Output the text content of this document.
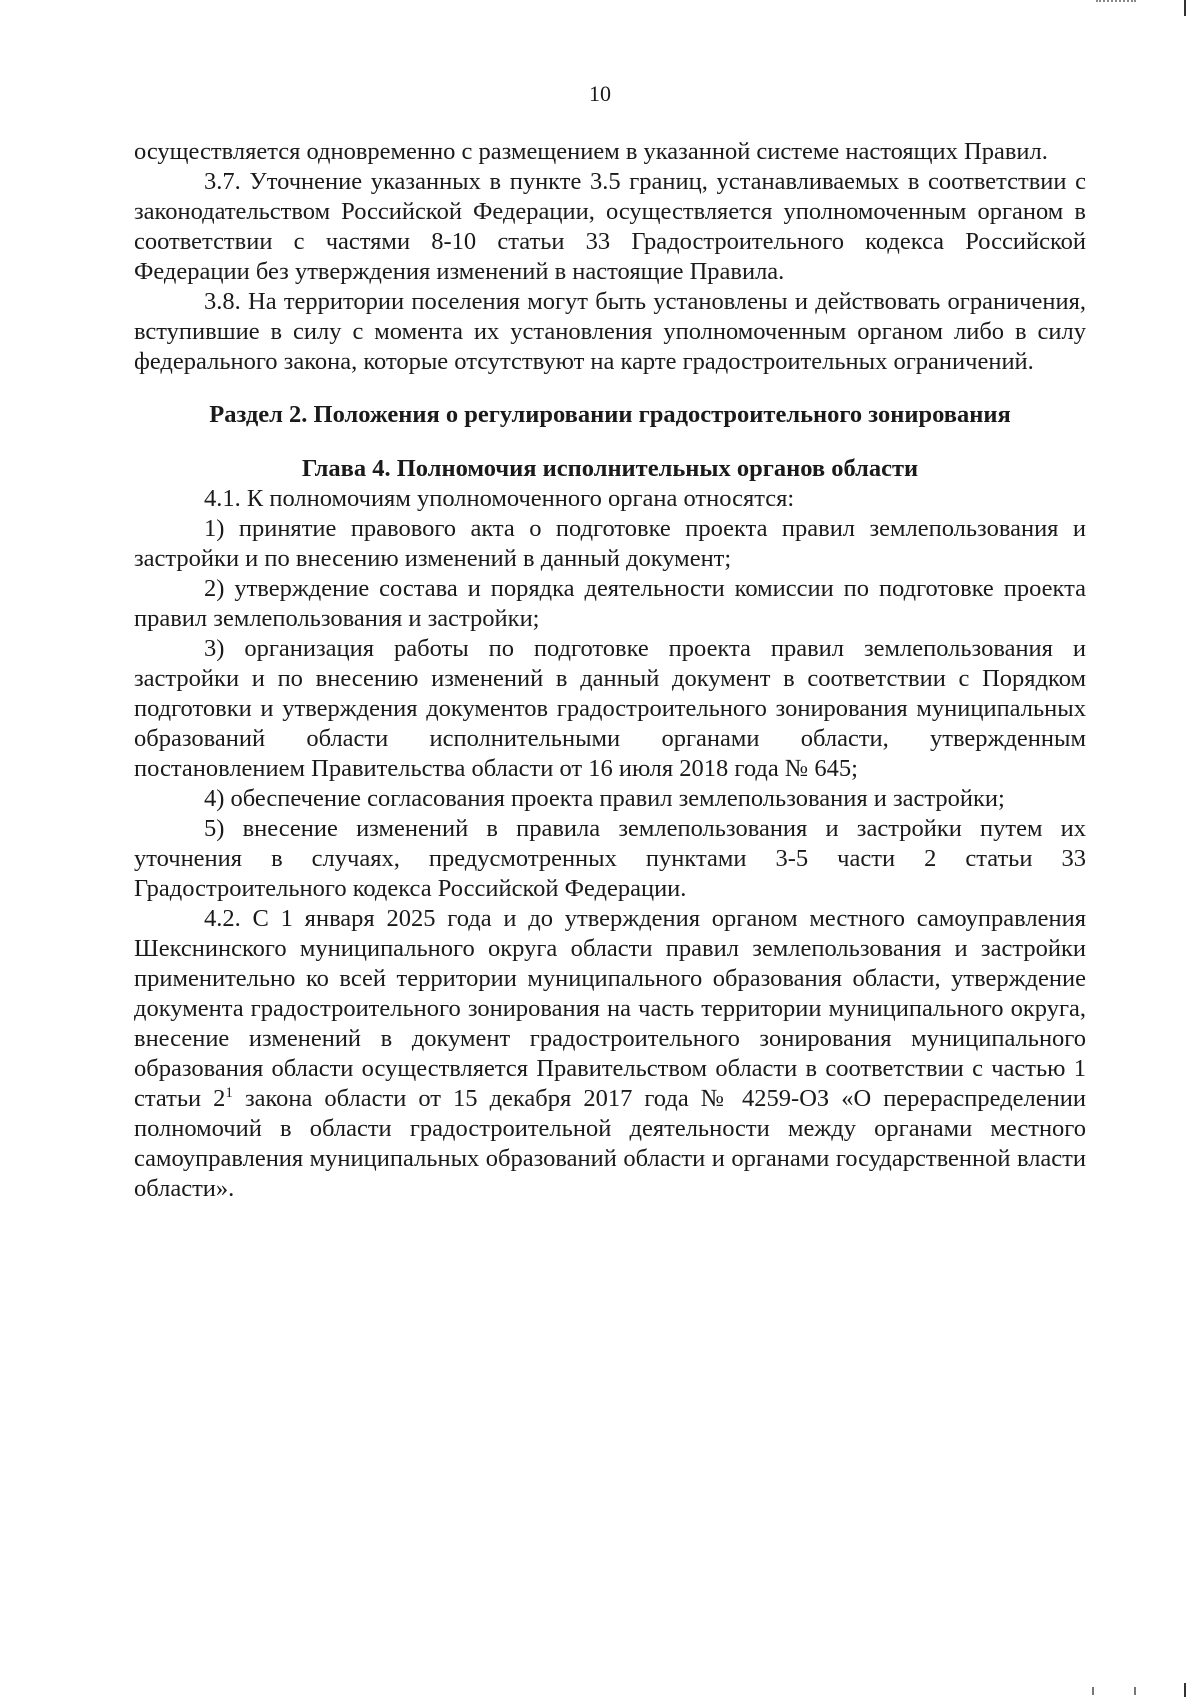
10

осуществляется одновременно с размещением в указанной системе настоящих Правил.

3.7. Уточнение указанных в пункте 3.5 границ, устанавливаемых в соответствии с законодательством Российской Федерации, осуществляется уполномоченным органом в соответствии с частями 8-10 статьи 33 Градостроительного кодекса Российской Федерации без утверждения изменений в настоящие Правила.

3.8. На территории поселения могут быть установлены и действовать ограничения, вступившие в силу с момента их установления уполномоченным органом либо в силу федерального закона, которые отсутствуют на карте градостроительных ограничений.

Раздел 2. Положения о регулировании градостроительного зонирования
Глава 4. Полномочия исполнительных органов области

4.1. К полномочиям уполномоченного органа относятся:

1) принятие правового акта о подготовке проекта правил землепользования и застройки и по внесению изменений в данный документ;

2) утверждение состава и порядка деятельности комиссии по подготовке проекта правил землепользования и застройки;

3) организация работы по подготовке проекта правил землепользования и застройки и по внесению изменений в данный документ в соответствии с Порядком подготовки и утверждения документов градостроительного зонирования муниципальных образований области исполнительными органами области, утвержденным постановлением Правительства области от 16 июля 2018 года № 645;

4) обеспечение согласования проекта правил землепользования и застройки;

5) внесение изменений в правила землепользования и застройки путем их уточнения в случаях, предусмотренных пунктами 3-5 части 2 статьи 33 Градостроительного кодекса Российской Федерации.

4.2. С 1 января 2025 года и до утверждения органом местного самоуправления Шекснинского муниципального округа области правил землепользования и застройки применительно ко всей территории муниципального образования области, утверждение документа градостроительного зонирования на часть территории муниципального округа, внесение изменений в документ градостроительного зонирования муниципального образования области осуществляется Правительством области в соответствии с частью 1 статьи $2^1$ закона области от 15 декабря 2017 года № 4259-ОЗ «О перераспределении полномочий в области градостроительной деятельности между органами местного самоуправления муниципальных образований области и органами государственной власти области».
